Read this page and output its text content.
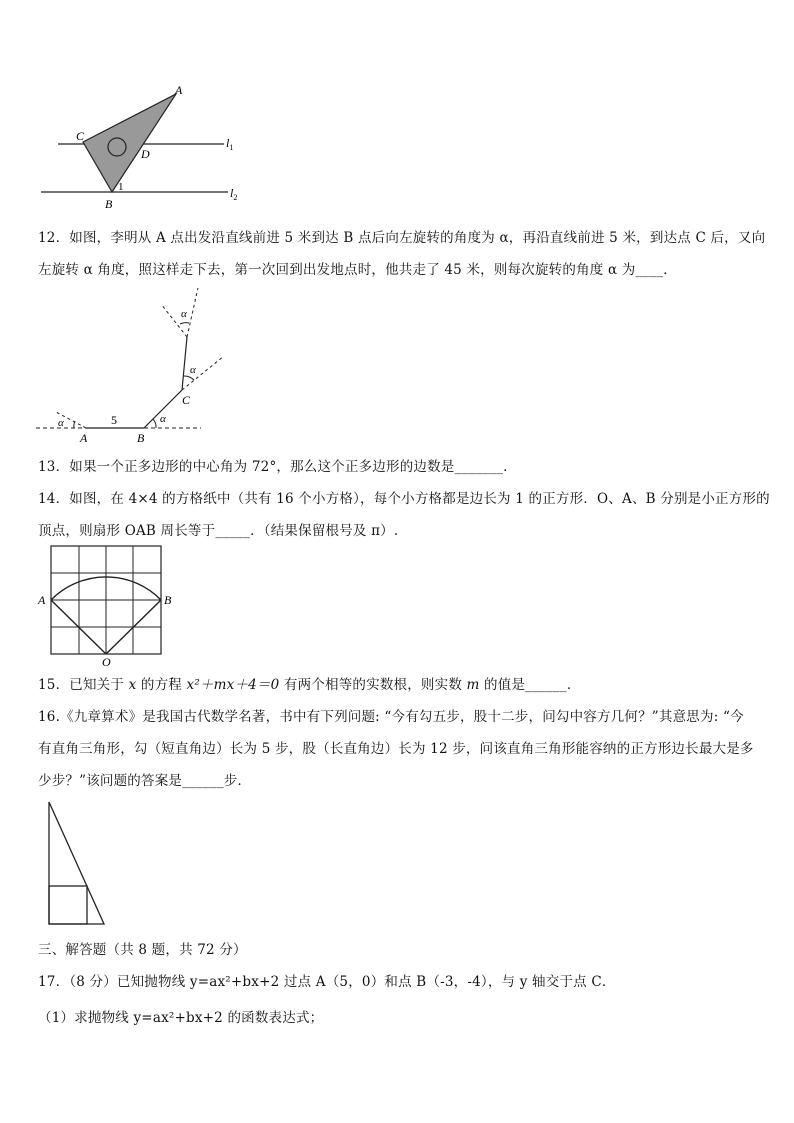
A
C
D
1
B
$l_1$
$l_2$
12．如图，李明从 A 点出发沿直线前进 5 米到达 B 点后向左旋转的角度为 α，再沿直线前进 5 米，到达点 C 后，又向
左旋转 α 角度，照这样走下去，第一次回到出发地点时，他共走了 45 米，则每次旋转的角度 α 为____．
α
A
5
B
α
C
α
α
13．如果一个正多边形的中心角为 72°，那么这个正多边形的边数是_______．
14．如图，在 4×4 的方格纸中（共有 16 个小方格），每个小方格都是边长为 1 的正方形．O、A、B 分别是小正方形的
顶点，则扇形 OAB 周长等于_____．（结果保留根号及 π）.
A	B
O
15．已知关于 x 的方程 x²＋mx＋4＝0 有两个相等的实数根，则实数 m 的值是______．
16.《九章算术》是我国古代数学名著，书中有下列问题: “今有勾五步，股十二步，问勾中容方几何？”其意思为: “今
有直角三角形，勾（短直角边）长为 5 步，股（长直角边）长为 12 步，问该直角三角形能容纳的正方形边长最大是多
少步？”该问题的答案是______步．
三、解答题（共 8 题，共 72 分）
17．（8 分）已知抛物线 y=ax²+bx+2 过点 A（5，0）和点 B（-3，-4），与 y 轴交于点 C．
（1）求抛物线 y=ax²+bx+2 的函数表达式；
